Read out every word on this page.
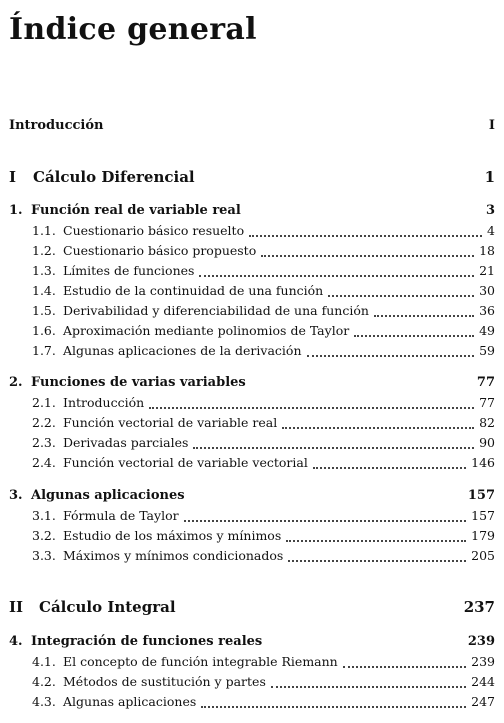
Índice general
Introducción	I
I	Cálculo Diferencial	1
1. Función real de variable real	3
1.1. Cuestionario básico resuelto	4
1.2. Cuestionario básico propuesto	18
1.3. Límites de funciones	21
1.4. Estudio de la continuidad de una función	30
1.5. Derivabilidad y diferenciabilidad de una función	36
1.6. Aproximación mediante polinomios de Taylor	49
1.7. Algunas aplicaciones de la derivación	59
2. Funciones de varias variables	77
2.1. Introducción	77
2.2. Función vectorial de variable real	82
2.3. Derivadas parciales	90
2.4. Función vectorial de variable vectorial	146
3. Algunas aplicaciones	157
3.1. Fórmula de Taylor	157
3.2. Estudio de los máximos y mínimos	179
3.3. Máximos y mínimos condicionados	205
II	Cálculo Integral	237
4. Integración de funciones reales	239
4.1. El concepto de función integrable Riemann	239
4.2. Métodos de sustitución y partes	244
4.3. Algunas aplicaciones	247
